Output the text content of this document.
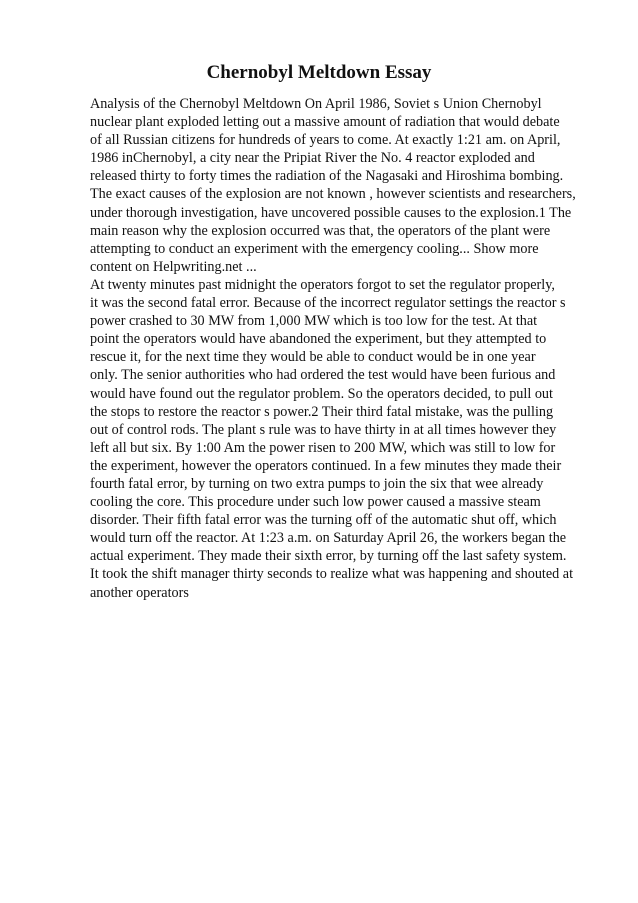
Chernobyl Meltdown Essay
Analysis of the Chernobyl Meltdown On April 1986, Soviet s Union Chernobyl
nuclear plant exploded letting out a massive amount of radiation that would debate
of all Russian citizens for hundreds of years to come. At exactly 1:21 am. on April,
1986 inChernobyl, a city near the Pripiat River the No. 4 reactor exploded and
released thirty to forty times the radiation of the Nagasaki and Hiroshima bombing.
The exact causes of the explosion are not known , however scientists and researchers,
under thorough investigation, have uncovered possible causes to the explosion.1 The
main reason why the explosion occurred was that, the operators of the plant were
attempting to conduct an experiment with the emergency cooling... Show more
content on Helpwriting.net ...
At twenty minutes past midnight the operators forgot to set the regulator properly,
it was the second fatal error. Because of the incorrect regulator settings the reactor s
power crashed to 30 MW from 1,000 MW which is too low for the test. At that
point the operators would have abandoned the experiment, but they attempted to
rescue it, for the next time they would be able to conduct would be in one year
only. The senior authorities who had ordered the test would have been furious and
would have found out the regulator problem. So the operators decided, to pull out
the stops to restore the reactor s power.2 Their third fatal mistake, was the pulling
out of control rods. The plant s rule was to have thirty in at all times however they
left all but six. By 1:00 Am the power risen to 200 MW, which was still to low for
the experiment, however the operators continued. In a few minutes they made their
fourth fatal error, by turning on two extra pumps to join the six that wee already
cooling the core. This procedure under such low power caused a massive steam
disorder. Their fifth fatal error was the turning off of the automatic shut off, which
would turn off the reactor. At 1:23 a.m. on Saturday April 26, the workers began the
actual experiment. They made their sixth error, by turning off the last safety system.
It took the shift manager thirty seconds to realize what was happening and shouted at
another operators
